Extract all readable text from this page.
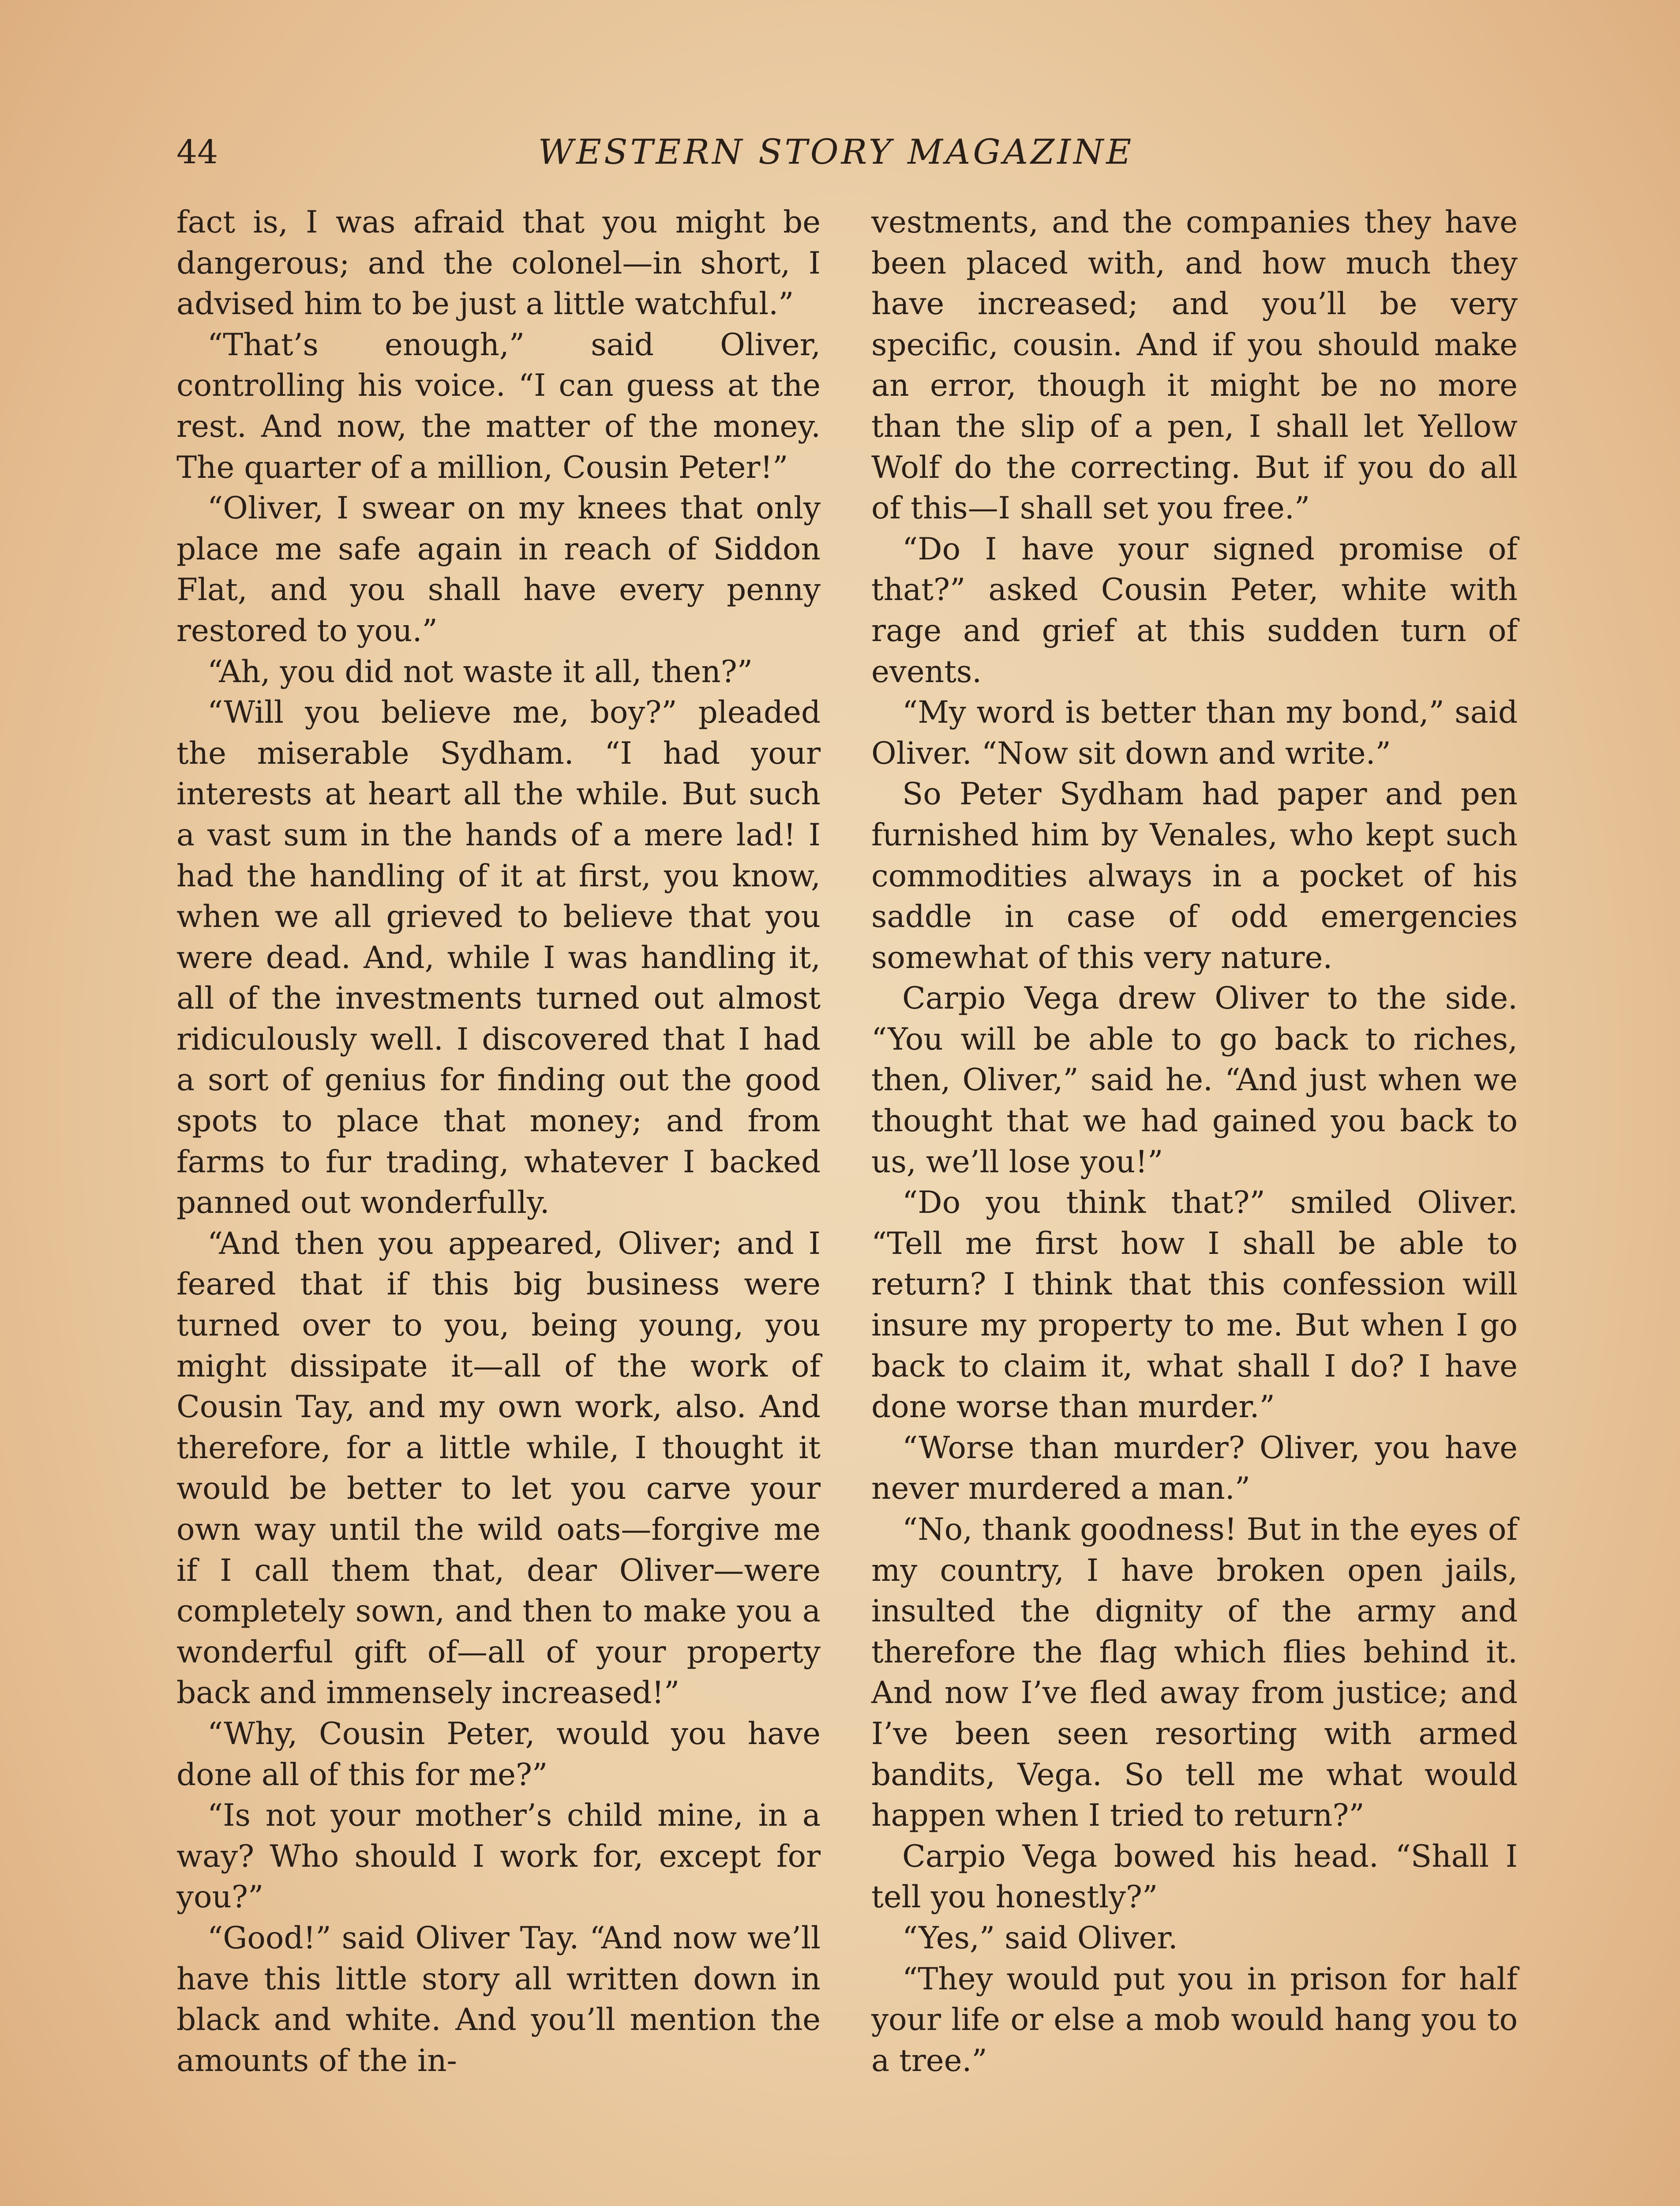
44	WESTERN STORY MAGAZINE

fact is, I was afraid that you might be dangerous; and the colonel—in short, I advised him to be just a little watchful.”

“That’s enough,” said Oliver, controlling his voice. “I can guess at the rest. And now, the matter of the money. The quarter of a million, Cousin Peter!”

“Oliver, I swear on my knees that only place me safe again in reach of Siddon Flat, and you shall have every penny restored to you.”

“Ah, you did not waste it all, then?”

“Will you believe me, boy?” pleaded the miserable Sydham. “I had your interests at heart all the while. But such a vast sum in the hands of a mere lad! I had the handling of it at first, you know, when we all grieved to believe that you were dead. And, while I was handling it, all of the investments turned out almost ridiculously well. I discovered that I had a sort of genius for finding out the good spots to place that money; and from farms to fur trading, whatever I backed panned out wonderfully.

“And then you appeared, Oliver; and I feared that if this big business were turned over to you, being young, you might dissipate it—all of the work of Cousin Tay, and my own work, also. And therefore, for a little while, I thought it would be better to let you carve your own way until the wild oats—forgive me if I call them that, dear Oliver—were completely sown, and then to make you a wonderful gift of—all of your property back and immensely increased!”

“Why, Cousin Peter, would you have done all of this for me?”

“Is not your mother’s child mine, in a way? Who should I work for, except for you?”

“Good!” said Oliver Tay. “And now we’ll have this little story all written down in black and white. And you’ll mention the amounts of the in-

vestments, and the companies they have been placed with, and how much they have increased; and you’ll be very specific, cousin. And if you should make an error, though it might be no more than the slip of a pen, I shall let Yellow Wolf do the correcting. But if you do all of this—I shall set you free.”

“Do I have your signed promise of that?” asked Cousin Peter, white with rage and grief at this sudden turn of events.

“My word is better than my bond,” said Oliver. “Now sit down and write.”

So Peter Sydham had paper and pen furnished him by Venales, who kept such commodities always in a pocket of his saddle in case of odd emergencies somewhat of this very nature.

Carpio Vega drew Oliver to the side. “You will be able to go back to riches, then, Oliver,” said he. “And just when we thought that we had gained you back to us, we’ll lose you!”

“Do you think that?” smiled Oliver. “Tell me first how I shall be able to return? I think that this confession will insure my property to me. But when I go back to claim it, what shall I do? I have done worse than murder.”

“Worse than murder? Oliver, you have never murdered a man.”

“No, thank goodness! But in the eyes of my country, I have broken open jails, insulted the dignity of the army and therefore the flag which flies behind it. And now I’ve fled away from justice; and I’ve been seen resorting with armed bandits, Vega. So tell me what would happen when I tried to return?”

Carpio Vega bowed his head. “Shall I tell you honestly?”

“Yes,” said Oliver.

“They would put you in prison for half your life or else a mob would hang you to a tree.”
